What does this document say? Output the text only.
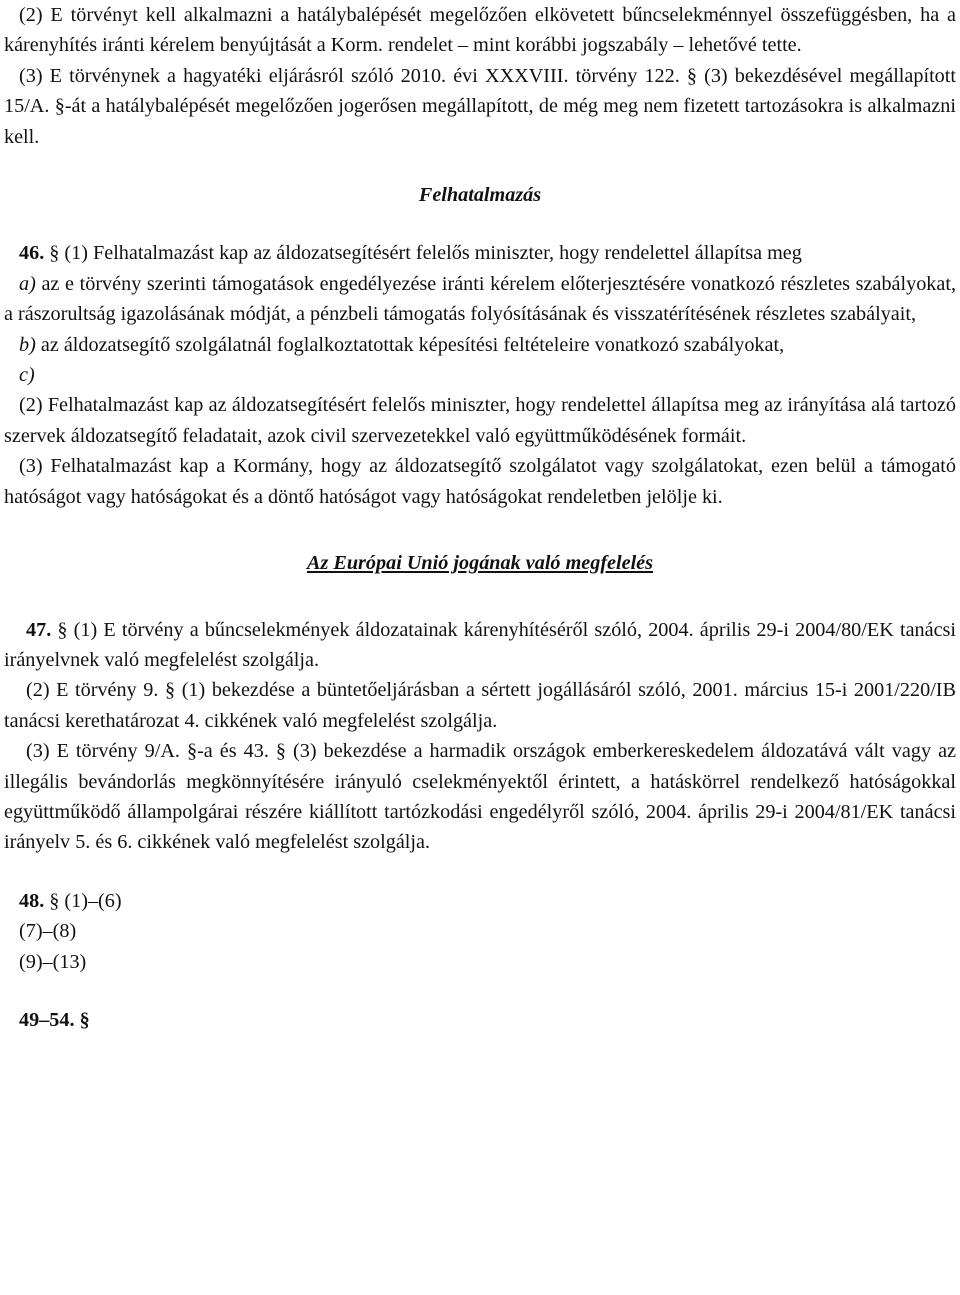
(2) E törvényt kell alkalmazni a hatálybalépését megelőzően elkövetett bűncselekménnyel összefüggésben, ha a kárenyhítés iránti kérelem benyújtását a Korm. rendelet – mint korábbi jogszabály – lehetővé tette.

(3) E törvénynek a hagyatéki eljárásról szóló 2010. évi XXXVIII. törvény 122. § (3) bekezdésével megállapított 15/A. §-át a hatálybalépését megelőzően jogerősen megállapított, de még meg nem fizetett tartozásokra is alkalmazni kell.

Felhatalmazás

46. § (1) Felhatalmazást kap az áldozatsegítésért felelős miniszter, hogy rendelettel állapítsa meg

a) az e törvény szerinti támogatások engedélyezése iránti kérelem előterjesztésére vonatkozó részletes szabályokat, a rászorultság igazolásának módját, a pénzbeli támogatás folyósításának és visszatérítésének részletes szabályait,

b) az áldozatsegítő szolgálatnál foglalkoztatottak képesítési feltételeire vonatkozó szabályokat,

c)

(2) Felhatalmazást kap az áldozatsegítésért felelős miniszter, hogy rendelettel állapítsa meg az irányítása alá tartozó szervek áldozatsegítő feladatait, azok civil szervezetekkel való együttműködésének formáit.

(3) Felhatalmazást kap a Kormány, hogy az áldozatsegítő szolgálatot vagy szolgálatokat, ezen belül a támogató hatóságot vagy hatóságokat és a döntő hatóságot vagy hatóságokat rendeletben jelölje ki.

Az Európai Unió jogának való megfelelés

47. § (1) E törvény a bűncselekmények áldozatainak kárenyhítéséről szóló, 2004. április 29-i 2004/80/EK tanácsi irányelvnek való megfelelést szolgálja.

(2) E törvény 9. § (1) bekezdése a büntetőeljárásban a sértett jogállásáról szóló, 2001. március 15-i 2001/220/IB tanácsi kerethatározat 4. cikkének való megfelelést szolgálja.

(3) E törvény 9/A. §-a és 43. § (3) bekezdése a harmadik országok emberkereskedelem áldozatává vált vagy az illegális bevándorlás megkönnyítésére irányuló cselekményektől érintett, a hatáskörrel rendelkező hatóságokkal együttműködő állampolgárai részére kiállított tartózkodási engedélyről szóló, 2004. április 29-i 2004/81/EK tanácsi irányelv 5. és 6. cikkének való megfelelést szolgálja.

48. § (1)–(6)

(7)–(8)

(9)–(13)

49–54. §
